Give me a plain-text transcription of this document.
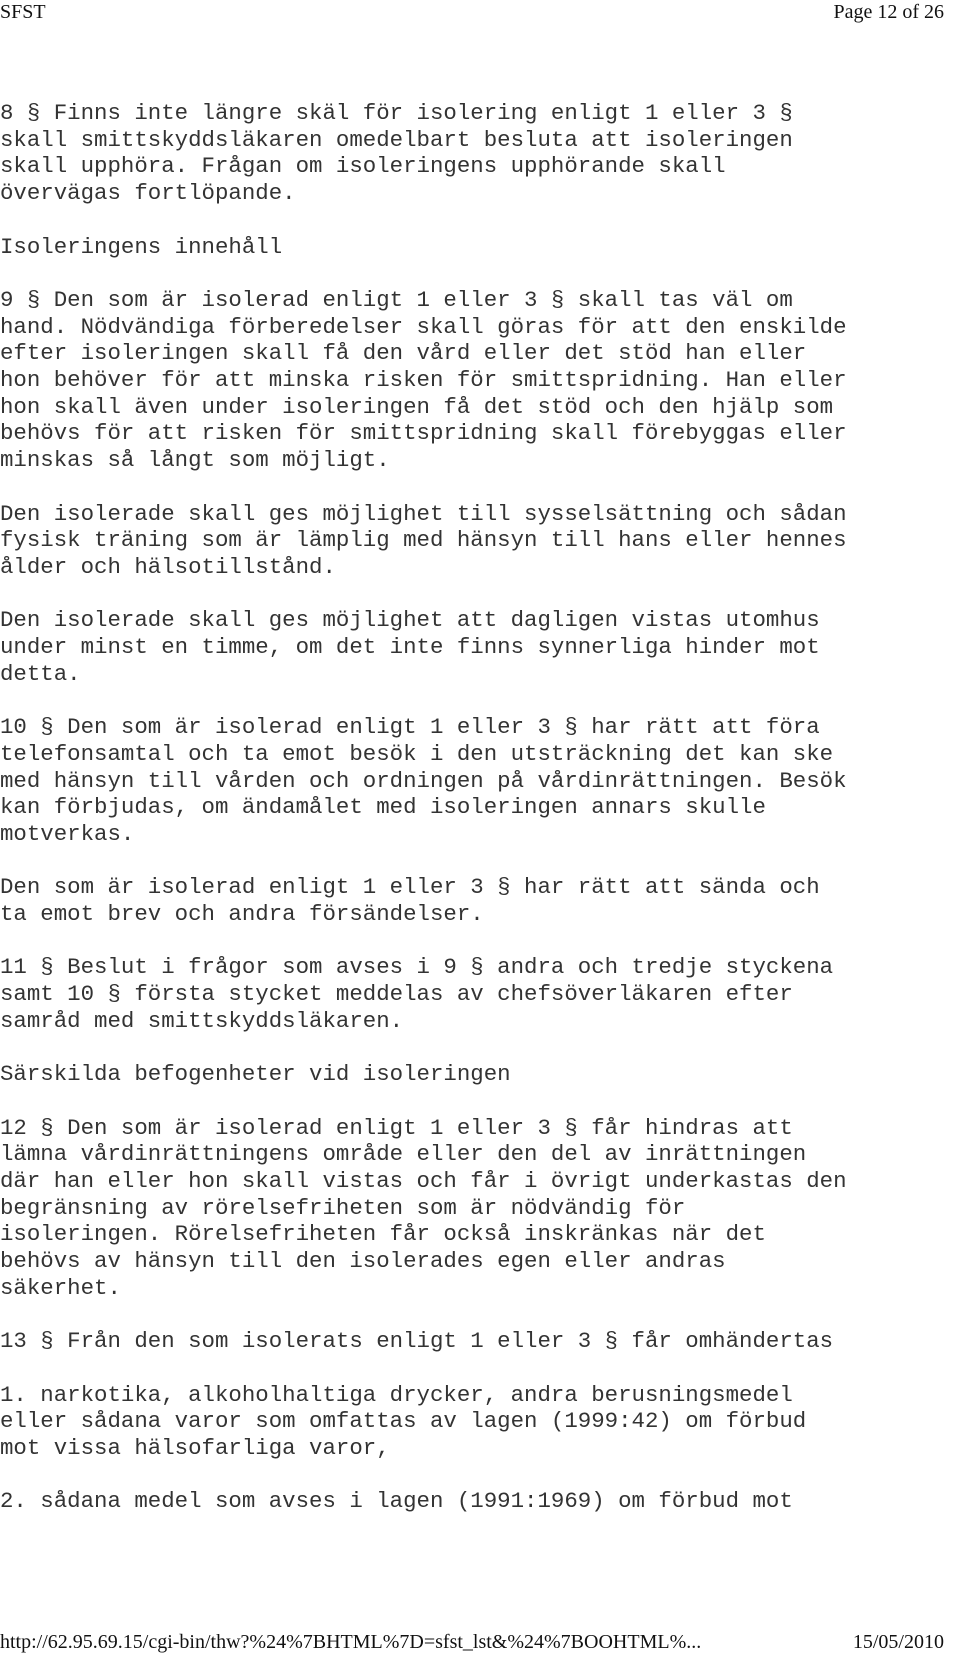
SFST	Page 12 of 26

8 § Finns inte längre skäl för isolering enligt 1 eller 3 §
skall smittskyddsläkaren omedelbart besluta att isoleringen
skall upphöra. Frågan om isoleringens upphörande skall
övervägas fortlöpande.

Isoleringens innehåll

9 § Den som är isolerad enligt 1 eller 3 § skall tas väl om
hand. Nödvändiga förberedelser skall göras för att den enskilde
efter isoleringen skall få den vård eller det stöd han eller
hon behöver för att minska risken för smittspridning. Han eller
hon skall även under isoleringen få det stöd och den hjälp som
behövs för att risken för smittspridning skall förebyggas eller
minskas så långt som möjligt.

Den isolerade skall ges möjlighet till sysselsättning och sådan
fysisk träning som är lämplig med hänsyn till hans eller hennes
ålder och hälsotillstånd.

Den isolerade skall ges möjlighet att dagligen vistas utomhus
under minst en timme, om det inte finns synnerliga hinder mot
detta.

10 § Den som är isolerad enligt 1 eller 3 § har rätt att föra
telefonsamtal och ta emot besök i den utsträckning det kan ske
med hänsyn till vården och ordningen på vårdinrättningen. Besök
kan förbjudas, om ändamålet med isoleringen annars skulle
motverkas.

Den som är isolerad enligt 1 eller 3 § har rätt att sända och
ta emot brev och andra försändelser.

11 § Beslut i frågor som avses i 9 § andra och tredje styckena
samt 10 § första stycket meddelas av chefsöverläkaren efter
samråd med smittskyddsläkaren.

Särskilda befogenheter vid isoleringen

12 § Den som är isolerad enligt 1 eller 3 § får hindras att
lämna vårdinrättningens område eller den del av inrättningen
där han eller hon skall vistas och får i övrigt underkastas den
begränsning av rörelsefriheten som är nödvändig för
isoleringen. Rörelsefriheten får också inskränkas när det
behövs av hänsyn till den isolerades egen eller andras
säkerhet.

13 § Från den som isolerats enligt 1 eller 3 § får omhändertas

1. narkotika, alkoholhaltiga drycker, andra berusningsmedel
eller sådana varor som omfattas av lagen (1999:42) om förbud
mot vissa hälsofarliga varor,

2. sådana medel som avses i lagen (1991:1969) om förbud mot

http://62.95.69.15/cgi-bin/thw?%24%7BHTML%7D=sfst_lst&%24%7BOOHTML%...	15/05/2010
